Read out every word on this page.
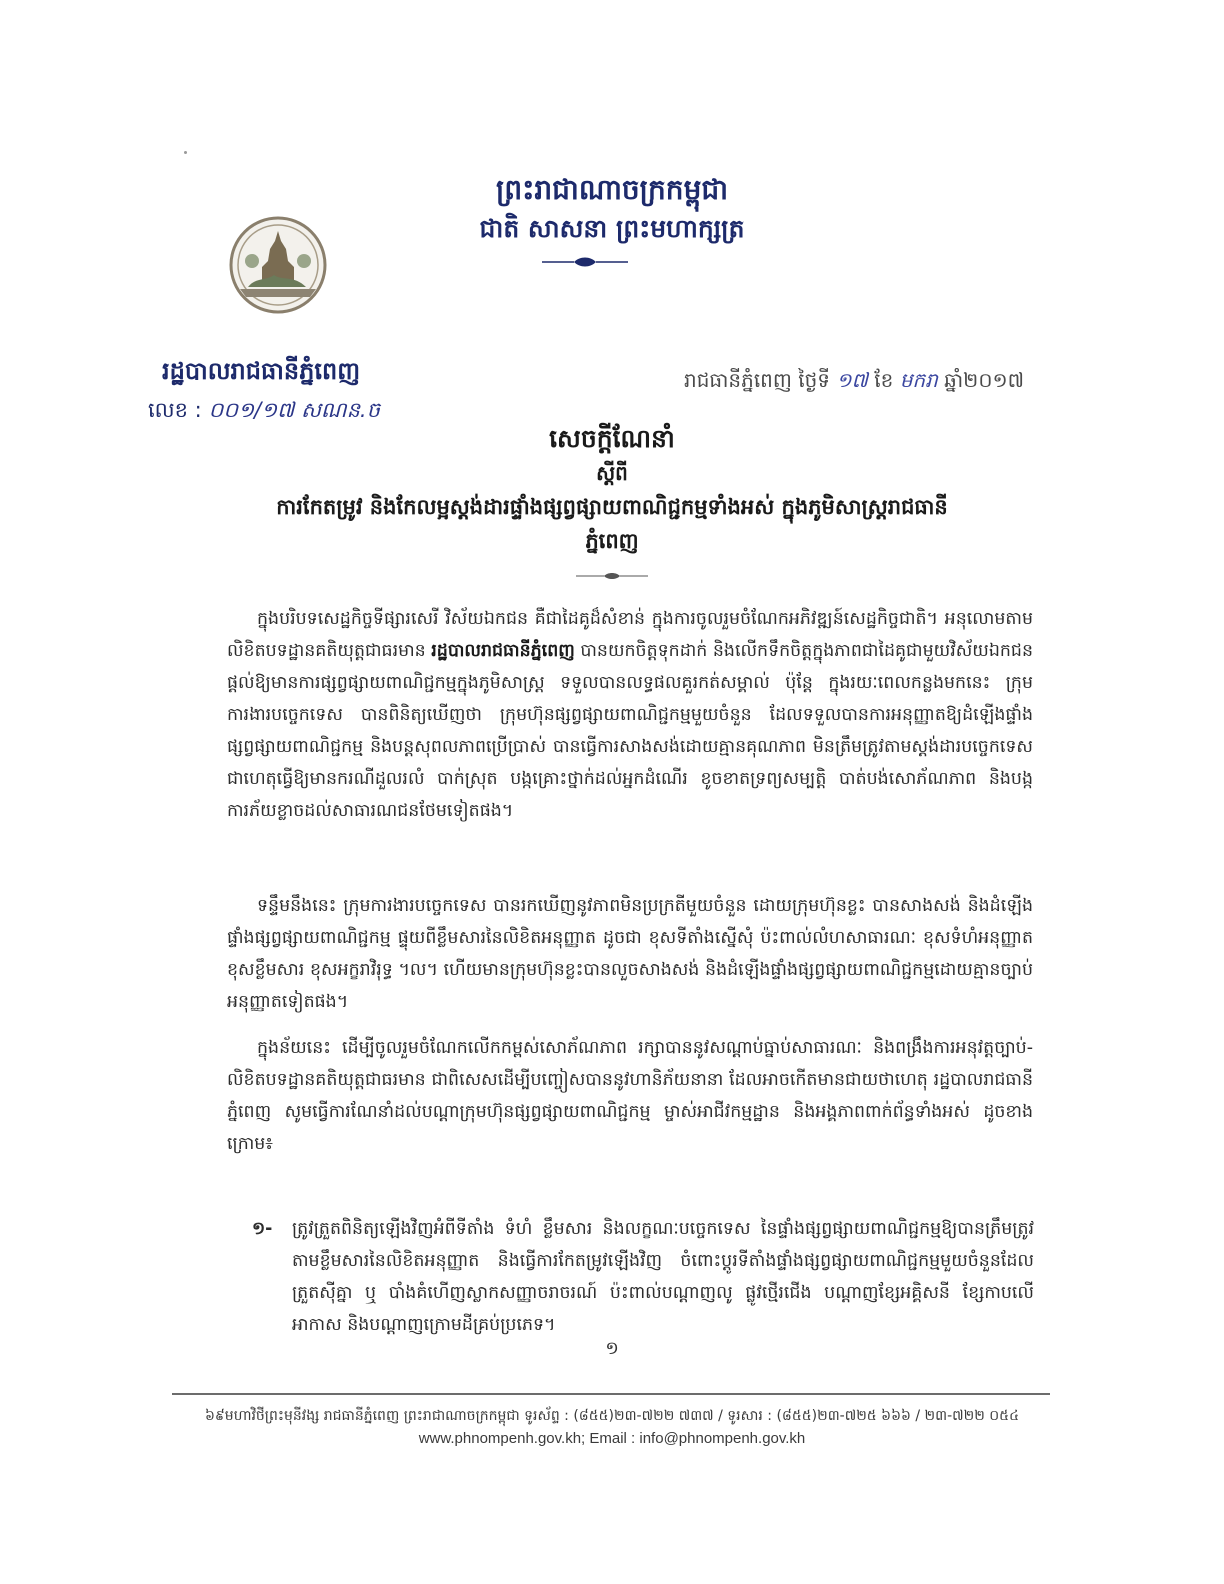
ព្រះរាជាណាចក្រកម្ពុជា
ជាតិ សាសនា ព្រះមហាក្សត្រ
រដ្ឋបាលរាជធានីភ្នំពេញ
លេខ : ០០១/១៧ សណន.ច
រាជធានីភ្នំពេញ ថ្ងៃទី ១៧ ខែ មករា ឆ្នាំ២០១៧
សេចក្តីណែនាំ
ស្តីពី
ការកែតម្រូវ និងកែលម្អស្តង់ដារផ្ទាំងផ្សព្វផ្សាយពាណិជ្ជកម្មទាំងអស់ ក្នុងភូមិសាស្ត្ររាជធានីភ្នំពេញ
ក្នុងបរិបទសេដ្ឋកិច្ចទីផ្សារសេរី វិស័យឯកជន គឺជាដៃគូដ៏សំខាន់ ក្នុងការចូលរួមចំណែកអភិវឌ្ឍន៍សេដ្ឋកិច្ចជាតិ។ អនុលោមតាមលិខិតបទដ្ឋានគតិយុត្តជាធរមាន រដ្ឋបាលរាជធានីភ្នំពេញ បានយកចិត្តទុកដាក់ និងលើកទឹកចិត្តក្នុងភាពជាដៃគូជាមួយវិស័យឯកជន ផ្តល់ឱ្យមានការផ្សព្វផ្សាយពាណិជ្ជកម្មក្នុងភូមិសាស្ត្រ ទទួលបានលទ្ធផលគួរកត់សម្គាល់ ប៉ុន្តែ ក្នុងរយៈពេលកន្លងមកនេះ ក្រុមការងារបច្ចេកទេស បានពិនិត្យឃើញថា ក្រុមហ៊ុនផ្សព្វផ្សាយពាណិជ្ជកម្មមួយចំនួន ដែលទទួលបានការអនុញ្ញាតឱ្យដំឡើងផ្ទាំងផ្សព្វផ្សាយពាណិជ្ជកម្ម និងបន្តសុពលភាពប្រើប្រាស់ បានធ្វើការសាងសង់ដោយគ្មានគុណភាព មិនត្រឹមត្រូវតាមស្តង់ដារបច្ចេកទេស ជាហេតុធ្វើឱ្យមានករណីដួលរលំ បាក់ស្រុត បង្កគ្រោះថ្នាក់ដល់អ្នកដំណើរ ខូចខាតទ្រព្យសម្បត្តិ បាត់បង់សោភ័ណភាព និងបង្កការភ័យខ្លាចដល់សាធារណជនថែមទៀតផង។
ទន្ទឹមនឹងនេះ ក្រុមការងារបច្ចេកទេស បានរកឃើញនូវភាពមិនប្រក្រតីមួយចំនួន ដោយក្រុមហ៊ុនខ្លះ បានសាងសង់ និងដំឡើងផ្ទាំងផ្សព្វផ្សាយពាណិជ្ជកម្ម ផ្ទុយពីខ្លឹមសារនៃលិខិតអនុញ្ញាត ដូចជា ខុសទីតាំងស្នើសុំ ប៉ះពាល់លំហសាធារណៈ ខុសទំហំអនុញ្ញាត ខុសខ្លឹមសារ ខុសអក្ខរាវិរុទ្ធ ។ល។ ហើយមានក្រុមហ៊ុនខ្លះបានលួចសាងសង់ និងដំឡើងផ្ទាំងផ្សព្វផ្សាយពាណិជ្ជកម្មដោយគ្មានច្បាប់អនុញ្ញាតទៀតផង។
ក្នុងន័យនេះ ដើម្បីចូលរួមចំណែកលើកកម្ពស់សោភ័ណភាព រក្សាបាននូវសណ្តាប់ធ្នាប់សាធារណៈ និងពង្រឹងការអនុវត្តច្បាប់-លិខិតបទដ្ឋានគតិយុត្តជាធរមាន ជាពិសេសដើម្បីបញ្ចៀសបាននូវហានិភ័យនានា ដែលអាចកើតមានជាយថាហេតុ រដ្ឋបាលរាជធានីភ្នំពេញ សូមធ្វើការណែនាំដល់បណ្តាក្រុមហ៊ុនផ្សព្វផ្សាយពាណិជ្ជកម្ម ម្ចាស់អាជីវកម្មដ្ឋាន និងអង្គភាពពាក់ព័ន្ធទាំងអស់ ដូចខាងក្រោម៖
១- ត្រូវត្រួតពិនិត្យឡើងវិញអំពីទីតាំង ទំហំ ខ្លឹមសារ និងលក្ខណៈបច្ចេកទេស នៃផ្ទាំងផ្សព្វផ្សាយពាណិជ្ជកម្មឱ្យបានត្រឹមត្រូវតាមខ្លឹមសារនៃលិខិតអនុញ្ញាត និងធ្វើការកែតម្រូវឡើងវិញ ចំពោះប្តូរទីតាំងផ្ទាំងផ្សព្វផ្សាយពាណិជ្ជកម្មមួយចំនួនដែលត្រួតស៊ីគ្នា ឬ បាំងគំហើញស្លាកសញ្ញាចរាចរណ៍ ប៉ះពាល់បណ្តាញលូ ផ្លូវថ្មើរជើង បណ្តាញខ្សែអគ្គិសនី ខ្សែកាបលើអាកាស និងបណ្តាញក្រោមដីគ្រប់ប្រភេទ។
១
៦៩មហាវិថីព្រះមុនីវង្ស រាជធានីភ្នំពេញ ព្រះរាជាណាចក្រកម្ពុជា ទូរស័ព្ទ : (៨៥៥)២៣-៧២២ ៧៣៧ / ទូរសារ : (៨៥៥)២៣-៧២៥ ៦៦៦ / ២៣-៧២២ ០៥៤
www.phnompenh.gov.kh; Email : info@phnompenh.gov.kh
